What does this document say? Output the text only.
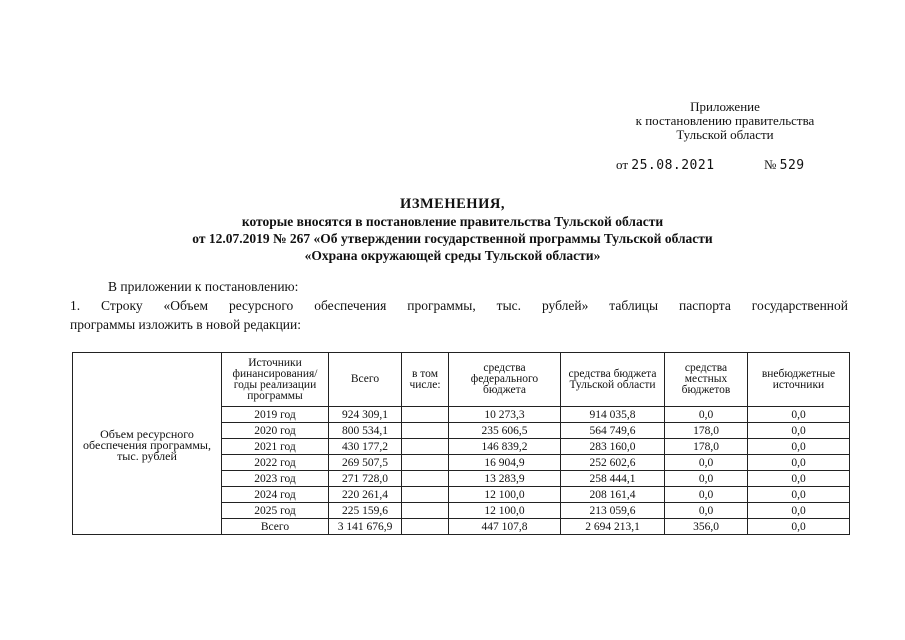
Приложение
к постановлению правительства
Тульской области
от 25.08.2021	№ 529
ИЗМЕНЕНИЯ,
которые вносятся в постановление правительства Тульской области
от 12.07.2019 № 267 «Об утверждении государственной программы Тульской области
«Охрана окружающей среды Тульской области»
В приложении к постановлению:
1. Строку «Объем ресурсного обеспечения программы, тыс. рублей» таблицы паспорта государственной
программы изложить в новой редакции:
Объем ресурсного обеспечения программы, тыс. рублей	Источники финансирования/ годы реализации программы	Всего	в том числе:	средства федерального бюджета	средства бюджета Тульской области	средства местных бюджетов	внебюджетные источники
	2019 год	924 309,1		10 273,3	914 035,8	0,0	0,0
	2020 год	800 534,1		235 606,5	564 749,6	178,0	0,0
	2021 год	430 177,2		146 839,2	283 160,0	178,0	0,0
	2022 год	269 507,5		16 904,9	252 602,6	0,0	0,0
	2023 год	271 728,0		13 283,9	258 444,1	0,0	0,0
	2024 год	220 261,4		12 100,0	208 161,4	0,0	0,0
	2025 год	225 159,6		12 100,0	213 059,6	0,0	0,0
	Всего	3 141 676,9		447 107,8	2 694 213,1	356,0	0,0
